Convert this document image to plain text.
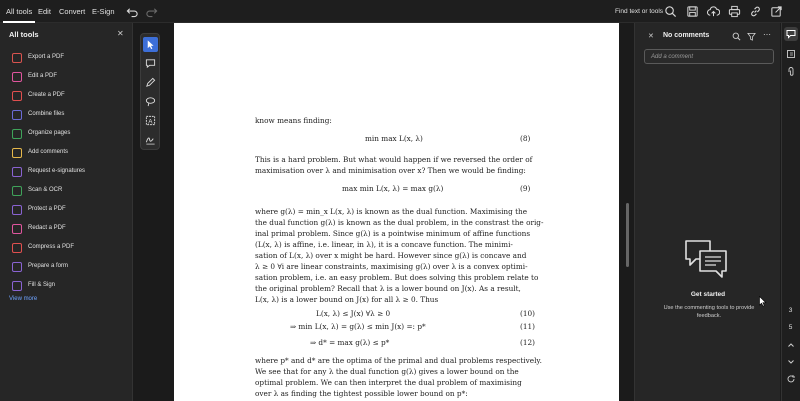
All tools Edit	Convert E-Sign	Find text or tools
All tools	✕
Export a PDF
Edit a PDF
Create a PDF
Combine files
Organize pages
Add comments
Request e-signatures
Scan & OCR
Protect a PDF
Redact a PDF
Compress a PDF
Prepare a form
Fill & Sign
View more
A	know means finding:
min max L(x, λ)	(8)
This is a hard problem. But what would happen if we reversed the order of
maximisation over λ and minimisation over x? Then we would be finding:
max min L(x, λ) = max g(λ)	(9)
where g(λ) = min_x L(x, λ) is known as the dual function. Maximising the
the dual function g(λ) is known as the dual problem, in the constrast the orig-
inal primal problem. Since g(λ) is a pointwise minimum of affine functions
(L(x, λ) is affine, i.e. linear, in λ), it is a concave function. The minimi-
sation of L(x, λ) over x might be hard. However since g(λ) is concave and
λ ≥ 0 ∀i are linear constraints, maximising g(λ) over λ is a convex optimi-
sation problem, i.e. an easy problem. But does solving this problem relate to
the original problem? Recall that λ is a lower bound on J(x). As a result,
L(x, λ) is a lower bound on J(x) for all λ ≥ 0. Thus
L(x, λ) ≤ J(x) ∀λ ≥ 0	(10)
⇒ min L(x, λ) = g(λ) ≤ min J(x) =: p*	(11)
⇒ d* = max g(λ) ≤ p*	(12)
where p* and d* are the optima of the primal and dual problems respectively.
We see that for any λ the dual function g(λ) gives a lower bound on the
optimal problem. We can then interpret the dual problem of maximising
over λ as finding the tightest possible lower bound on p*:
✕ No comments	⋯
Add a comment
Get started
Use the commenting tools to provide feedback.
3
5
